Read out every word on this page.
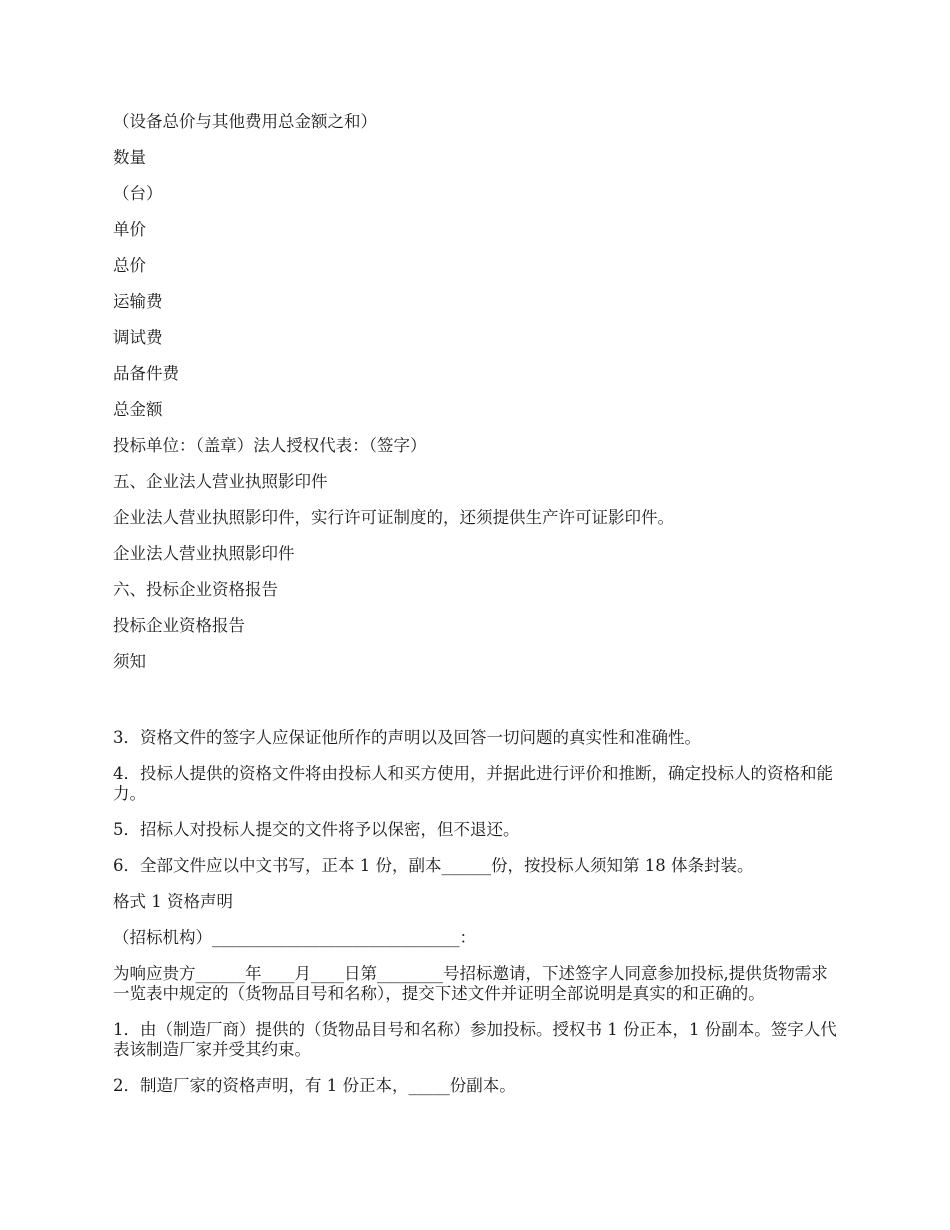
（设备总价与其他费用总金额之和）

数量

（台）

单价

总价

运输费

调试费

品备件费

总金额

投标单位：（盖章）法人授权代表：（签字）

五、企业法人营业执照影印件

企业法人营业执照影印件，实行许可证制度的，还须提供生产许可证影印件。

企业法人营业执照影印件

六、投标企业资格报告

投标企业资格报告

须知

3．资格文件的签字人应保证他所作的声明以及回答一切问题的真实性和准确性。

4．投标人提供的资格文件将由投标人和买方使用，并据此进行评价和推断，确定投标人的资格和能力。

5．招标人对投标人提交的文件将予以保密，但不退还。

6．全部文件应以中文书写，正本 1 份，副本______份，按投标人须知第 18 体条封装。

格式 1 资格声明

（招标机构）______________________________：

为响应贵方______年____月____日第________号招标邀请，下述签字人同意参加投标,提供货物需求一览表中规定的（货物品目号和名称），提交下述文件并证明全部说明是真实的和正确的。

1．由（制造厂商）提供的（货物品目号和名称）参加投标。授权书 1 份正本，1 份副本。签字人代表该制造厂家并受其约束。

2．制造厂家的资格声明，有 1 份正本，_____份副本。
